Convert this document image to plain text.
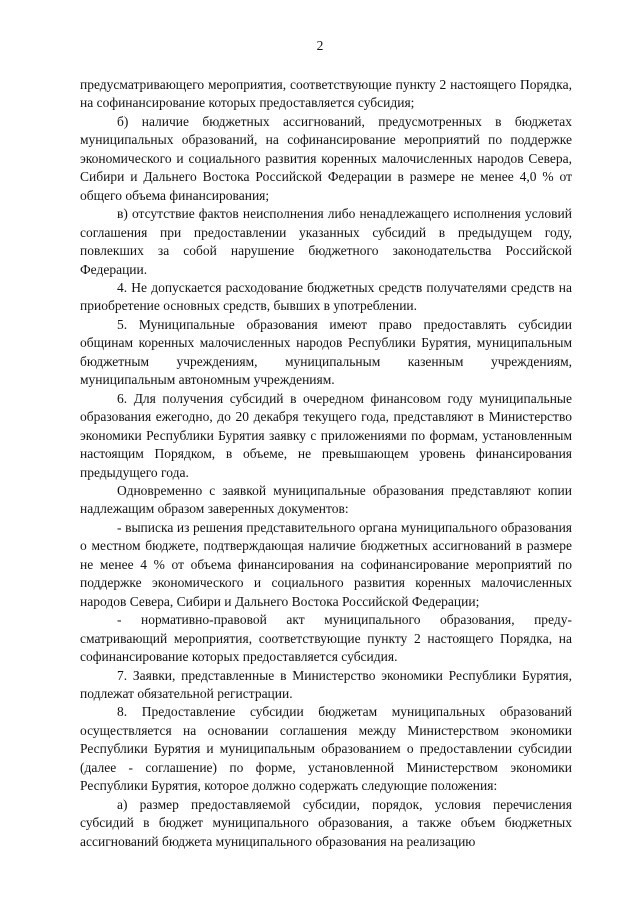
2

предусматривающего мероприятия, соответствующие пункту 2 настоящего Порядка, на софинансирование которых предоставляется субсидия;

б) наличие бюджетных ассигнований, предусмотренных в бюджетах муниципальных образований, на софинансирование мероприятий по поддержке экономического и социального развития коренных малочисленных народов Севера, Сибири и Дальнего Востока Российской Федерации в размере не менее 4,0 % от общего объема финансирования;

в) отсутствие фактов неисполнения либо ненадлежащего исполнения условий соглашения при предоставлении указанных субсидий в предыдущем году, повлекших за собой нарушение бюджетного законодательства Российской Федерации.

4. Не допускается расходование бюджетных средств получателями средств на приобретение основных средств, бывших в употреблении.

5. Муниципальные образования имеют право предоставлять субсидии общинам коренных малочисленных народов Республики Бурятия, муниципальным бюджетным учреждениям, муниципальным казенным учреждениям, муниципальным автономным учреждениям.

6. Для получения субсидий в очередном финансовом году муниципальные образования ежегодно, до 20 декабря текущего года, представляют в Министерство экономики Республики Бурятия заявку с приложениями по формам, установленным настоящим Порядком, в объеме, не превышающем уровень финансирования предыдущего года.

Одновременно с заявкой муниципальные образования представляют копии надлежащим образом заверенных документов:

- выписка из решения представительного органа муниципального образования о местном бюджете, подтверждающая наличие бюджетных ассигнований в размере не менее 4 % от объема финансирования на софинансирование мероприятий по поддержке экономического и социального развития коренных малочисленных народов Севера, Сибири и Дальнего Востока Российской Федерации;

- нормативно-правовой акт муниципального образования, предусматривающий мероприятия, соответствующие пункту 2 настоящего Порядка, на софинансирование которых предоставляется субсидия.

7. Заявки, представленные в Министерство экономики Республики Бурятия, подлежат обязательной регистрации.

8. Предоставление субсидии бюджетам муниципальных образований осуществляется на основании соглашения между Министерством экономики Республики Бурятия и муниципальным образованием о предоставлении субсидии (далее - соглашение) по форме, установленной Министерством экономики Республики Бурятия, которое должно содержать следующие положения:

а) размер предоставляемой субсидии, порядок, условия перечисления субсидий в бюджет муниципального образования, а также объем бюджетных ассигнований бюджета муниципального образования на реализацию
